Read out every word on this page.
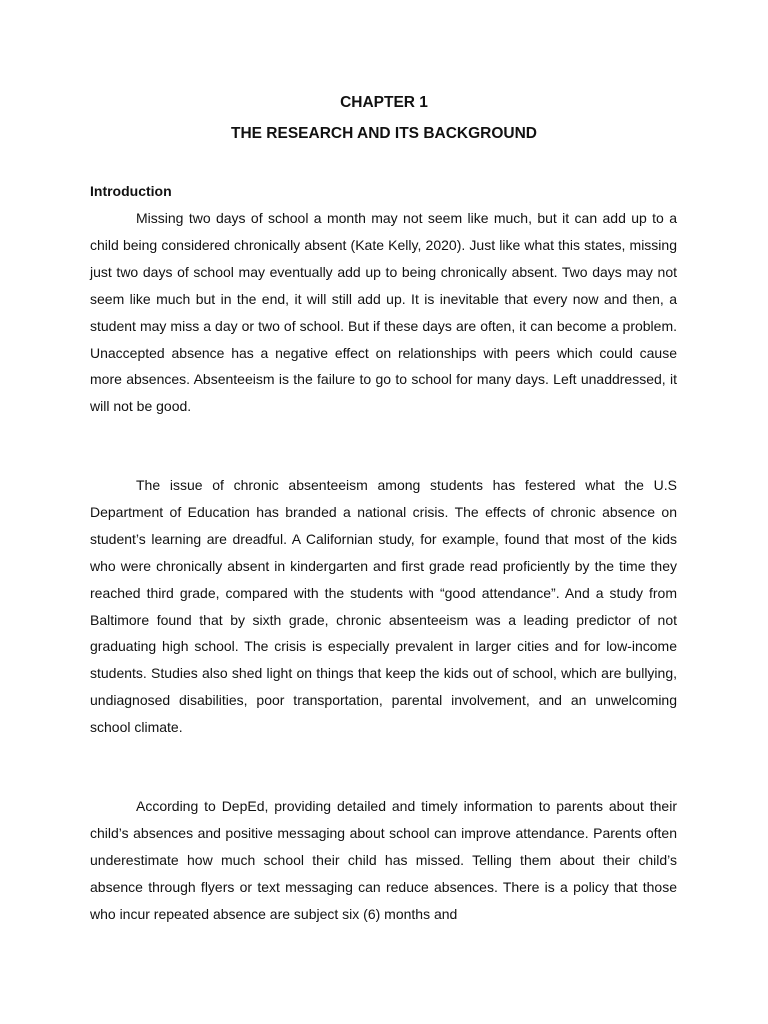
CHAPTER 1
THE RESEARCH AND ITS BACKGROUND
Introduction

Missing two days of school a month may not seem like much, but it can add up to a child being considered chronically absent (Kate Kelly, 2020). Just like what this states, missing just two days of school may eventually add up to being chronically absent. Two days may not seem like much but in the end, it will still add up. It is inevitable that every now and then, a student may miss a day or two of school. But if these days are often, it can become a problem. Unaccepted absence has a negative effect on relationships with peers which could cause more absences. Absenteeism is the failure to go to school for many days. Left unaddressed, it will not be good.

The issue of chronic absenteeism among students has festered what the U.S Department of Education has branded a national crisis. The effects of chronic absence on student’s learning are dreadful. A Californian study, for example, found that most of the kids who were chronically absent in kindergarten and first grade read proficiently by the time they reached third grade, compared with the students with “good attendance”. And a study from Baltimore found that by sixth grade, chronic absenteeism was a leading predictor of not graduating high school. The crisis is especially prevalent in larger cities and for low-income students. Studies also shed light on things that keep the kids out of school, which are bullying, undiagnosed disabilities, poor transportation, parental involvement, and an unwelcoming school climate.

According to DepEd, providing detailed and timely information to parents about their child’s absences and positive messaging about school can improve attendance. Parents often underestimate how much school their child has missed. Telling them about their child’s absence through flyers or text messaging can reduce absences. There is a policy that those who incur repeated absence are subject six (6) months and
